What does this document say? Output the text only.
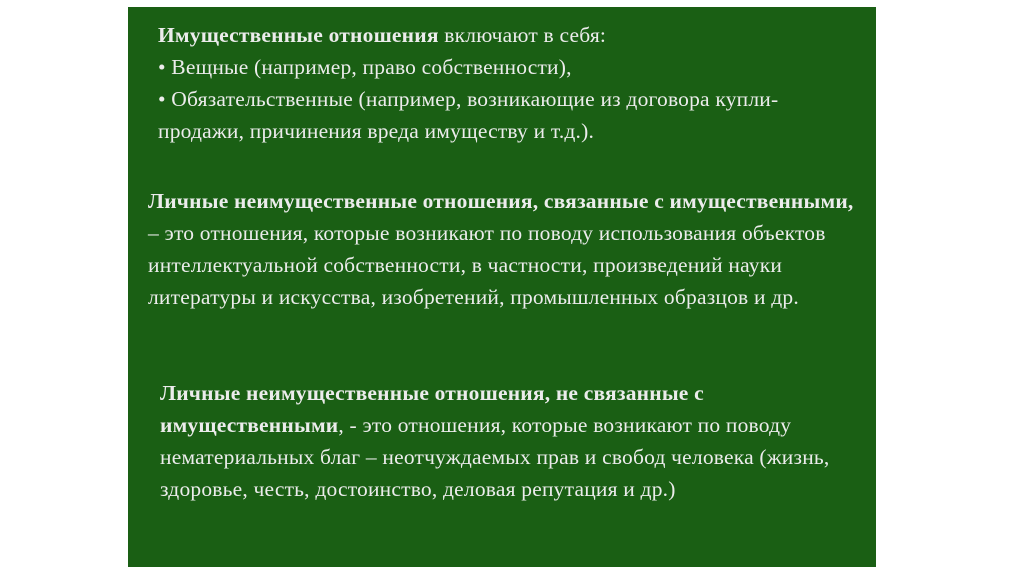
Имущественные отношения включают в себя:

• Вещные (например, право собственности),

• Обязательственные (например, возникающие из договора купли-продажи, причинения вреда имуществу и т.д.).

Личные неимущественные отношения, связанные с имущественными, – это отношения, которые возникают по поводу использования объектов интеллектуальной собственности, в частности, произведений науки литературы и искусства, изобретений, промышленных образцов и др.

Личные неимущественные отношения, не связанные с имущественными, - это отношения, которые возникают по поводу нематериальных благ – неотчуждаемых прав и свобод человека (жизнь, здоровье, честь, достоинство, деловая репутация и др.)
